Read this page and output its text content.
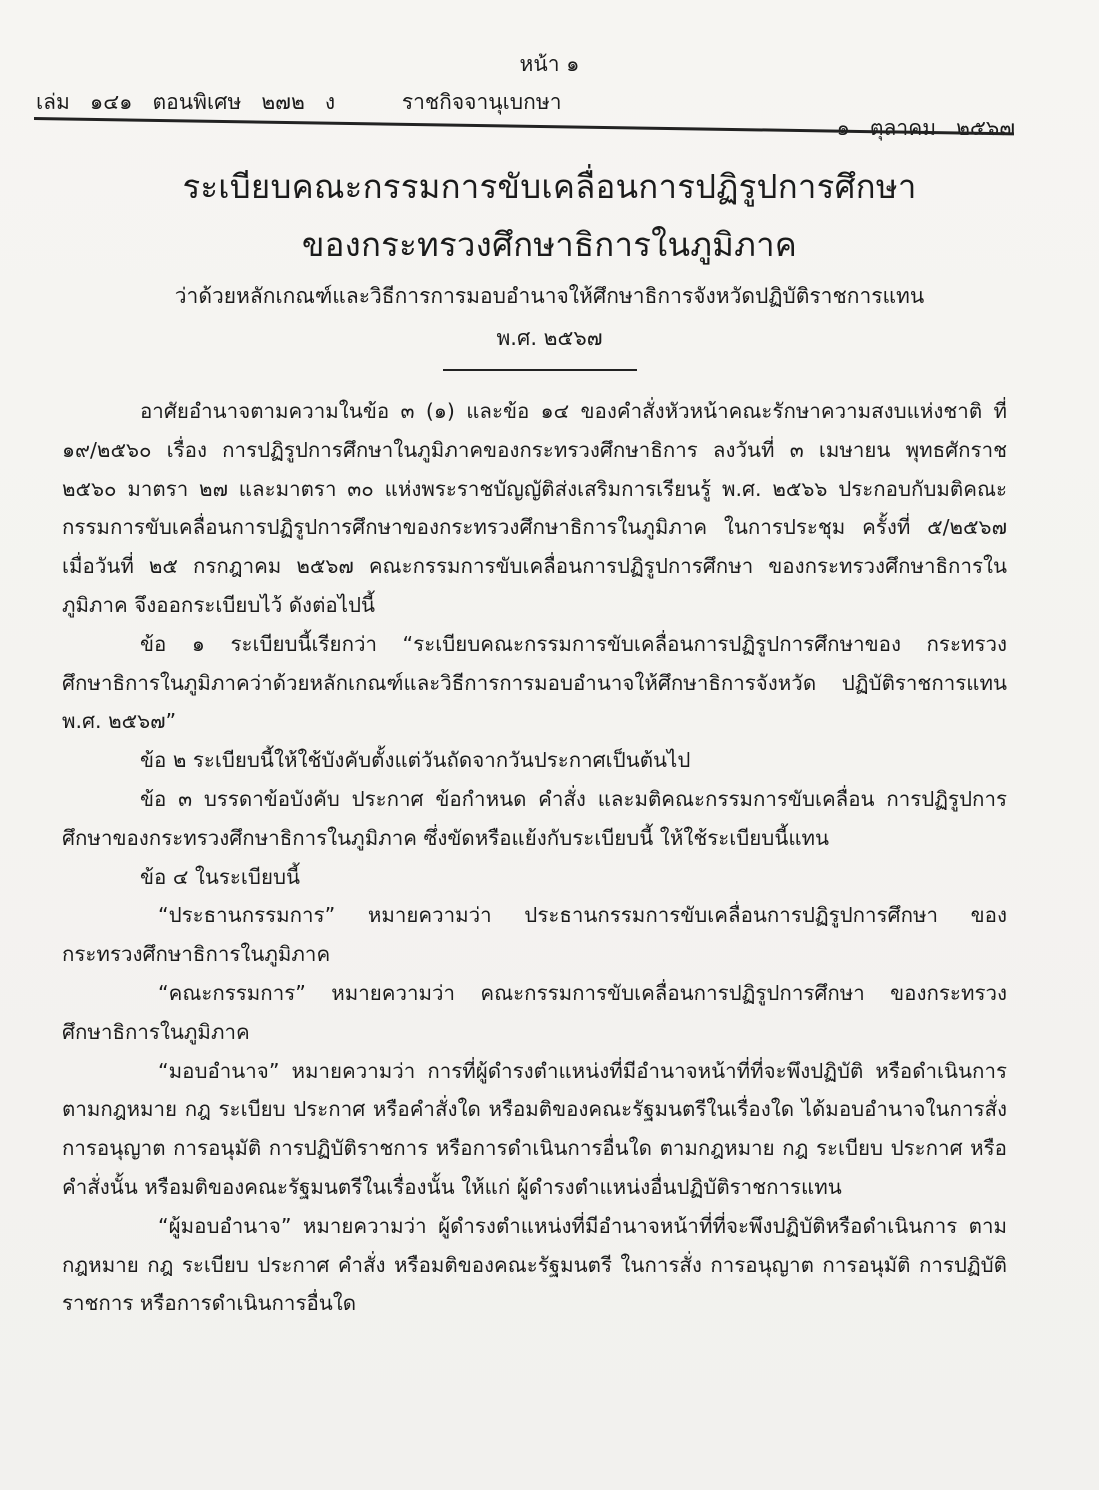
หน้า ๑
เล่ม   ๑๔๑   ตอนพิเศษ   ๒๗๒   ง          ราชกิจจานุเบกษา
๑   ตุลาคม   ๒๕๖๗
ระเบียบคณะกรรมการขับเคลื่อนการปฏิรูปการศึกษา
ของกระทรวงศึกษาธิการในภูมิภาค
ว่าด้วยหลักเกณฑ์และวิธีการการมอบอำนาจให้ศึกษาธิการจังหวัดปฏิบัติราชการแทน
พ.ศ. ๒๕๖๗

อาศัยอำนาจตามความในข้อ ๓ (๑) และข้อ ๑๔ ของคำสั่งหัวหน้าคณะรักษาความสงบแห่งชาติ ที่ ๑๙/๒๕๖๐ เรื่อง การปฏิรูปการศึกษาในภูมิภาคของกระทรวงศึกษาธิการ ลงวันที่ ๓ เมษายน พุทธศักราช ๒๕๖๐ มาตรา ๒๗ และมาตรา ๓๐ แห่งพระราชบัญญัติส่งเสริมการเรียนรู้ พ.ศ. ๒๕๖๖ ประกอบกับมติคณะกรรมการขับเคลื่อนการปฏิรูปการศึกษาของกระทรวงศึกษาธิการในภูมิภาค ในการประชุม ครั้งที่ ๕/๒๕๖๗ เมื่อวันที่ ๒๕ กรกฎาคม ๒๕๖๗ คณะกรรมการขับเคลื่อนการปฏิรูปการศึกษา ของกระทรวงศึกษาธิการในภูมิภาค จึงออกระเบียบไว้ ดังต่อไปนี้

ข้อ ๑ ระเบียบนี้เรียกว่า “ระเบียบคณะกรรมการขับเคลื่อนการปฏิรูปการศึกษาของ กระทรวงศึกษาธิการในภูมิภาคว่าด้วยหลักเกณฑ์และวิธีการการมอบอำนาจให้ศึกษาธิการจังหวัด ปฏิบัติราชการแทน พ.ศ. ๒๕๖๗”

ข้อ ๒ ระเบียบนี้ให้ใช้บังคับตั้งแต่วันถัดจากวันประกาศเป็นต้นไป

ข้อ ๓ บรรดาข้อบังคับ ประกาศ ข้อกำหนด คำสั่ง และมติคณะกรรมการขับเคลื่อน การปฏิรูปการศึกษาของกระทรวงศึกษาธิการในภูมิภาค ซึ่งขัดหรือแย้งกับระเบียบนี้ ให้ใช้ระเบียบนี้แทน

ข้อ ๔ ในระเบียบนี้

“ประธานกรรมการ” หมายความว่า ประธานกรรมการขับเคลื่อนการปฏิรูปการศึกษา ของกระทรวงศึกษาธิการในภูมิภาค

“คณะกรรมการ” หมายความว่า คณะกรรมการขับเคลื่อนการปฏิรูปการศึกษา ของกระทรวงศึกษาธิการในภูมิภาค

“มอบอำนาจ” หมายความว่า การที่ผู้ดำรงตำแหน่งที่มีอำนาจหน้าที่ที่จะพึงปฏิบัติ หรือดำเนินการตามกฎหมาย กฎ ระเบียบ ประกาศ หรือคำสั่งใด หรือมติของคณะรัฐมนตรีในเรื่องใด ได้มอบอำนาจในการสั่ง การอนุญาต การอนุมัติ การปฏิบัติราชการ หรือการดำเนินการอื่นใด ตามกฎหมาย กฎ ระเบียบ ประกาศ หรือคำสั่งนั้น หรือมติของคณะรัฐมนตรีในเรื่องนั้น ให้แก่ ผู้ดำรงตำแหน่งอื่นปฏิบัติราชการแทน

“ผู้มอบอำนาจ” หมายความว่า ผู้ดำรงตำแหน่งที่มีอำนาจหน้าที่ที่จะพึงปฏิบัติหรือดำเนินการ ตามกฎหมาย กฎ ระเบียบ ประกาศ คำสั่ง หรือมติของคณะรัฐมนตรี ในการสั่ง การอนุญาต การอนุมัติ การปฏิบัติราชการ หรือการดำเนินการอื่นใด
